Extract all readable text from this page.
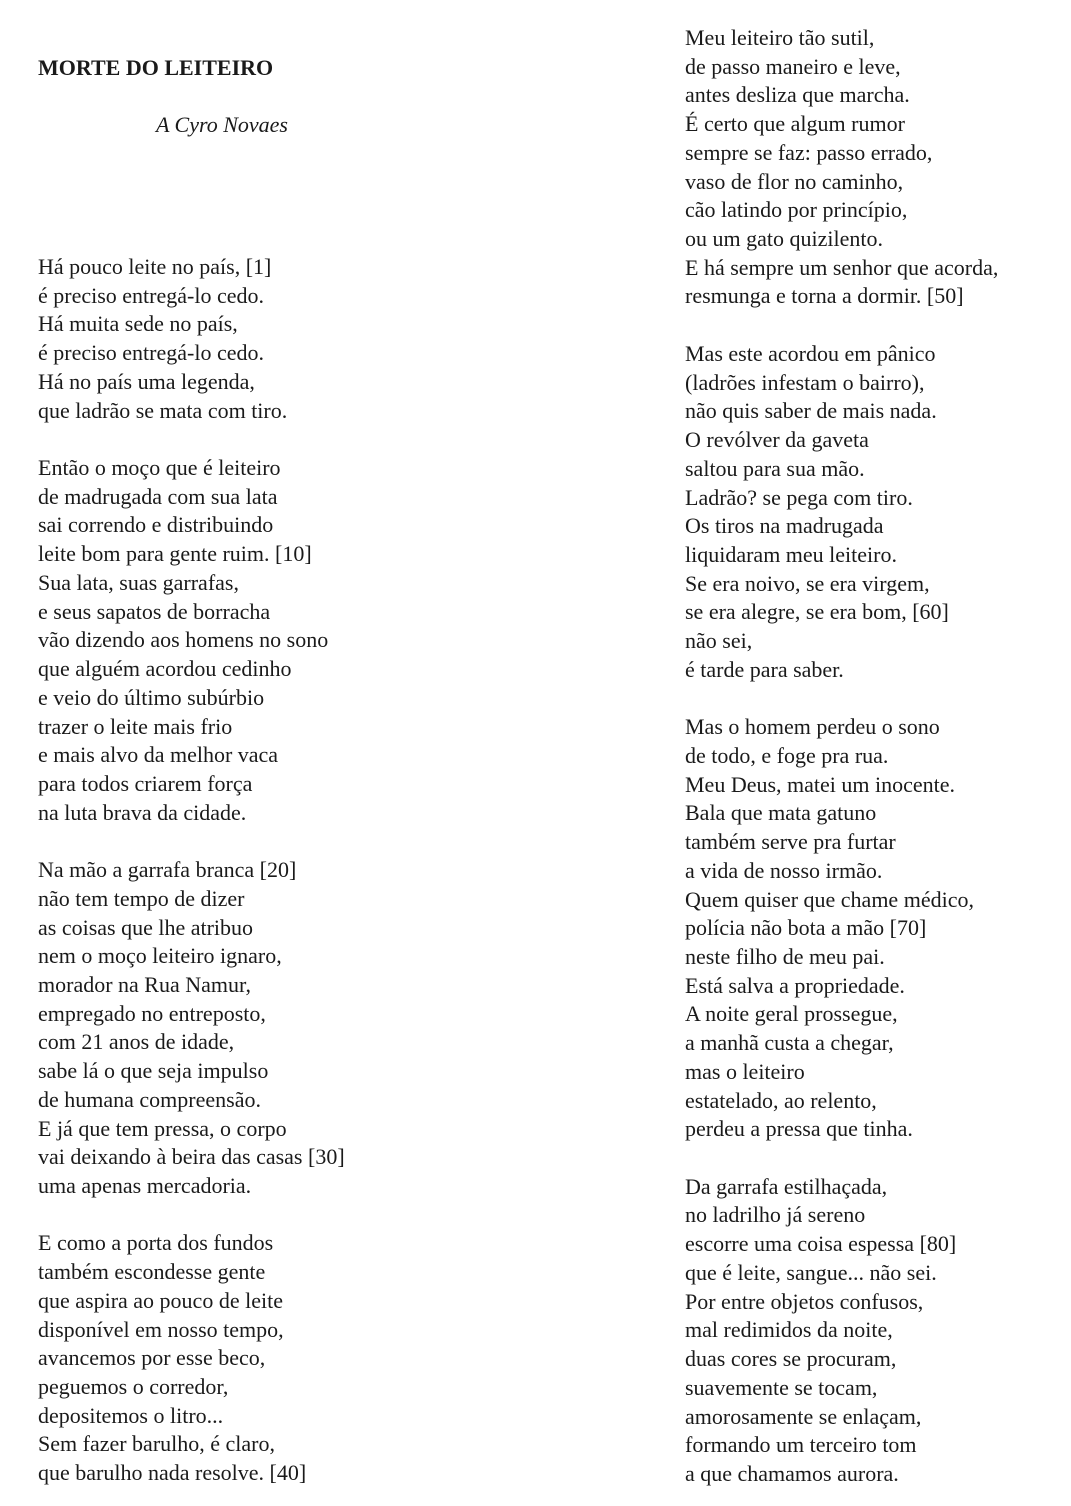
MORTE DO LEITEIRO
A Cyro Novaes
Há pouco leite no país, [1]
é preciso entregá-lo cedo.
Há muita sede no país,
é preciso entregá-lo cedo.
Há no país uma legenda,
que ladrão se mata com tiro.
Então o moço que é leiteiro
de madrugada com sua lata
sai correndo e distribuindo
leite bom para gente ruim. [10]
Sua lata, suas garrafas,
e seus sapatos de borracha
vão dizendo aos homens no sono
que alguém acordou cedinho
e veio do último subúrbio
trazer o leite mais frio
e mais alvo da melhor vaca
para todos criarem força
na luta brava da cidade.
Na mão a garrafa branca [20]
não tem tempo de dizer
as coisas que lhe atribuo
nem o moço leiteiro ignaro,
morador na Rua Namur,
empregado no entreposto,
com 21 anos de idade,
sabe lá o que seja impulso
de humana compreensão.
E já que tem pressa, o corpo
vai deixando à beira das casas [30]
uma apenas mercadoria.
E como a porta dos fundos
também escondesse gente
que aspira ao pouco de leite
disponível em nosso tempo,
avancemos por esse beco,
peguemos o corredor,
depositemos o litro...
Sem fazer barulho, é claro,
que barulho nada resolve. [40]
Meu leiteiro tão sutil,
de passo maneiro e leve,
antes desliza que marcha.
É certo que algum rumor
sempre se faz: passo errado,
vaso de flor no caminho,
cão latindo por princípio,
ou um gato quizilento.
E há sempre um senhor que acorda,
resmunga e torna a dormir. [50]
Mas este acordou em pânico
(ladrões infestam o bairro),
não quis saber de mais nada.
O revólver da gaveta
saltou para sua mão.
Ladrão? se pega com tiro.
Os tiros na madrugada
liquidaram meu leiteiro.
Se era noivo, se era virgem,
se era alegre, se era bom, [60]
não sei,
é tarde para saber.
Mas o homem perdeu o sono
de todo, e foge pra rua.
Meu Deus, matei um inocente.
Bala que mata gatuno
também serve pra furtar
a vida de nosso irmão.
Quem quiser que chame médico,
polícia não bota a mão [70]
neste filho de meu pai.
Está salva a propriedade.
A noite geral prossegue,
a manhã custa a chegar,
mas o leiteiro
estatelado, ao relento,
perdeu a pressa que tinha.
Da garrafa estilhaçada,
no ladrilho já sereno
escorre uma coisa espessa [80]
que é leite, sangue... não sei.
Por entre objetos confusos,
mal redimidos da noite,
duas cores se procuram,
suavemente se tocam,
amorosamente se enlaçam,
formando um terceiro tom
a que chamamos aurora.
